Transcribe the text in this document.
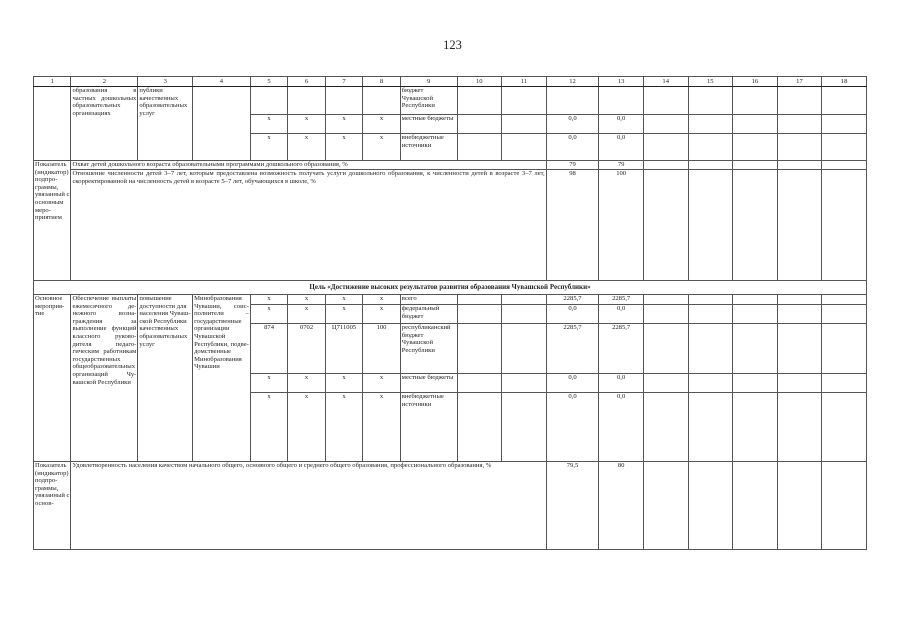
123
1	2	3	4	5	6	7	8	9	10	11	12	13	14	15	16	17	18
	образования в частных дошкольных образовательных организациях	публики качественных образовательных услуг						бюджет Чувашской Республики									
				x	x	x	x	местные бюджеты			0,0	0,0					
				x	x	x	x	внебюджетные источники			0,0	0,0					
Показатель (индикатор) подпрограммы, увязанный с основным мероприятием	Охват детей дошкольного возраста образовательными программами дошкольного образования, %										79	79					
	Отношение численности детей 3–7 лет, которым предоставлена возможность получать услуги дошкольного образования, к численности детей в возрасте 3–7 лет, скорректированной на численность детей в возрасте 5–7 лет, обучающихся в школе, %										98	100					
Цель «Достижение высоких результатов развития образования Чувашской Республики»																	
Основное мероприятие	Обеспечение выплаты ежемесячного денежного вознаграждения за выполнение функций классного руководителя педагогическим работникам государственных общеобразовательных организаций Чувашской Республики	повышение доступности для населения Чувашской Республики качественных образовательных услуг	Минобразования Чувашии, соисполнители – государственные организации Чувашской Республики, подведомственные Минобразования Чувашии	x	x	x	x	всего			2285,7	2285,7					
				x	x	x	x	федеральный бюджет			0,0	0,0					
				874	0702	Ц711005	100	республиканский бюджет Чувашской Республики			2285,7	2285,7					
				x	x	x	x	местные бюджеты			0,0	0,0					
				x	x	x	x	внебюджетные источники			0,0	0,0					
Показатель (индикатор) подпрограммы, увязанный с основ-	Удовлетворенность населения качеством начального общего, основного общего и среднего общего образования, профессионального образования, %										79,5	80					
